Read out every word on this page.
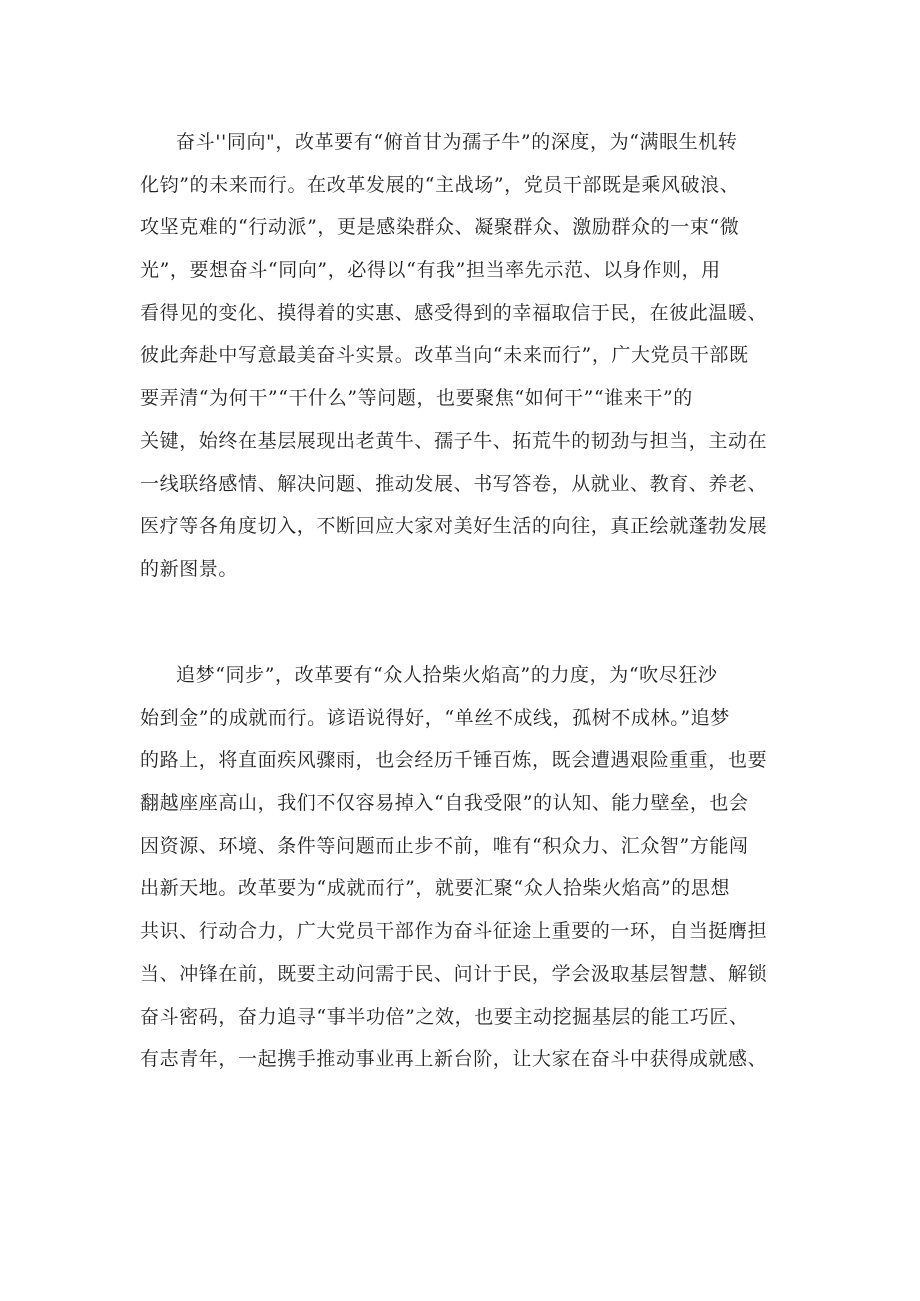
奋斗''同向"，改革要有“俯首甘为孺子牛”的深度，为“满眼生机转
化钧”的未来而行。在改革发展的“主战场”，党员干部既是乘风破浪、
攻坚克难的“行动派”，更是感染群众、凝聚群众、激励群众的一束“微
光”，要想奋斗“同向”，必得以“有我”担当率先示范、以身作则，用
看得见的变化、摸得着的实惠、感受得到的幸福取信于民，在彼此温暖、
彼此奔赴中写意最美奋斗实景。改革当向“未来而行”，广大党员干部既
要弄清“为何干”“干什么”等问题，也要聚焦“如何干”“谁来干”的
关键，始终在基层展现出老黄牛、孺子牛、拓荒牛的韧劲与担当，主动在
一线联络感情、解决问题、推动发展、书写答卷，从就业、教育、养老、
医疗等各角度切入，不断回应大家对美好生活的向往，真正绘就蓬勃发展
的新图景。
追梦“同步”，改革要有“众人拾柴火焰高”的力度，为“吹尽狂沙
始到金”的成就而行。谚语说得好，“单丝不成线，孤树不成林。”追梦
的路上，将直面疾风骤雨，也会经历千锤百炼，既会遭遇艰险重重，也要
翻越座座高山，我们不仅容易掉入“自我受限”的认知、能力壁垒，也会
因资源、环境、条件等问题而止步不前，唯有“积众力、汇众智”方能闯
出新天地。改革要为“成就而行”，就要汇聚“众人拾柴火焰高”的思想
共识、行动合力，广大党员干部作为奋斗征途上重要的一环，自当挺膺担
当、冲锋在前，既要主动问需于民、问计于民，学会汲取基层智慧、解锁
奋斗密码，奋力追寻“事半功倍”之效，也要主动挖掘基层的能工巧匠、
有志青年，一起携手推动事业再上新台阶，让大家在奋斗中获得成就感、
